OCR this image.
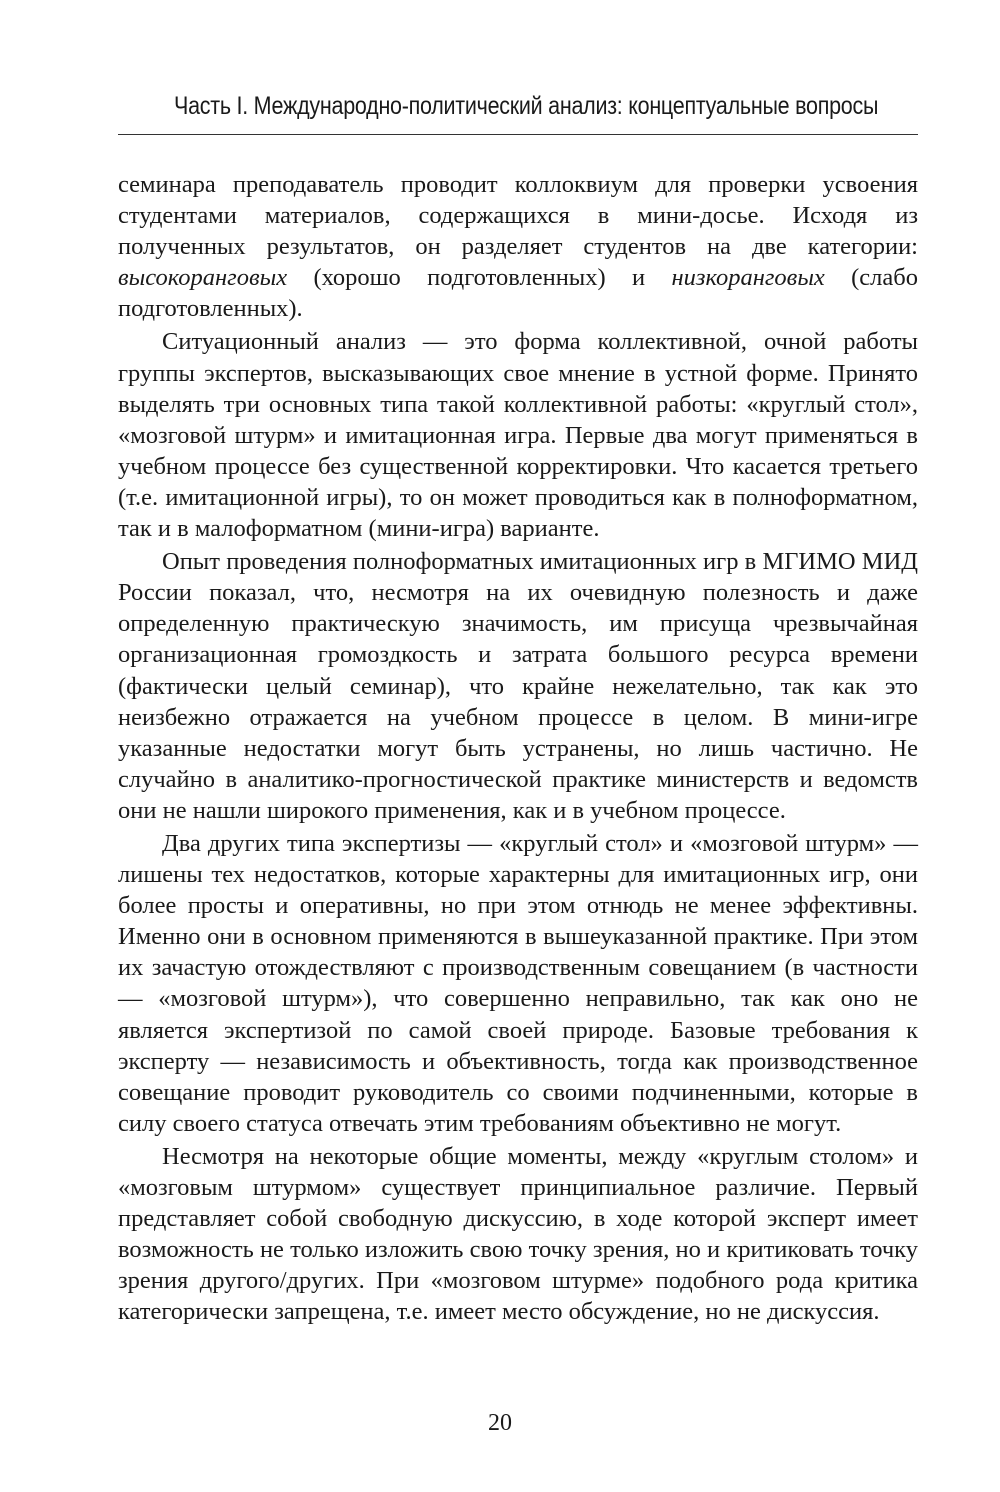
Часть I. Международно-политический анализ: концептуальные вопросы

семинара преподаватель проводит коллоквиум для проверки усвоения студентами материалов, содержащихся в мини-досье. Исходя из полученных результатов, он разделяет студентов на две категории: высокоранговых (хорошо подготовленных) и низкоранговых (слабо подготовленных).

Ситуационный анализ — это форма коллективной, очной работы группы экспертов, высказывающих свое мнение в устной форме. Принято выделять три основных типа такой коллективной работы: «круглый стол», «мозговой штурм» и имитационная игра. Первые два могут применяться в учебном процессе без существенной корректировки. Что касается третьего (т.е. имитационной игры), то он может проводиться как в полноформатном, так и в малоформатном (мини-игра) варианте.

Опыт проведения полноформатных имитационных игр в МГИМО МИД России показал, что, несмотря на их очевидную полезность и даже определенную практическую значимость, им присуща чрезвычайная организационная громоздкость и затрата большого ресурса времени (фактически целый семинар), что крайне нежелательно, так как это неизбежно отражается на учебном процессе в целом. В мини-игре указанные недостатки могут быть устранены, но лишь частично. Не случайно в аналитико-прогностической практике министерств и ведомств они не нашли широкого применения, как и в учебном процессе.

Два других типа экспертизы — «круглый стол» и «мозговой штурм» — лишены тех недостатков, которые характерны для имитационных игр, они более просты и оперативны, но при этом отнюдь не менее эффективны. Именно они в основном применяются в вышеуказанной практике. При этом их зачастую отождествляют с производственным совещанием (в частности — «мозговой штурм»), что совершенно неправильно, так как оно не является экспертизой по самой своей природе. Базовые требования к эксперту — независимость и объективность, тогда как производственное совещание проводит руководитель со своими подчиненными, которые в силу своего статуса отвечать этим требованиям объективно не могут.

Несмотря на некоторые общие моменты, между «круглым столом» и «мозговым штурмом» существует принципиальное различие. Первый представляет собой свободную дискуссию, в ходе которой эксперт имеет возможность не только изложить свою точку зрения, но и критиковать точку зрения другого/других. При «мозговом штурме» подобного рода критика категорически запрещена, т.е. имеет место обсуждение, но не дискуссия.

20
